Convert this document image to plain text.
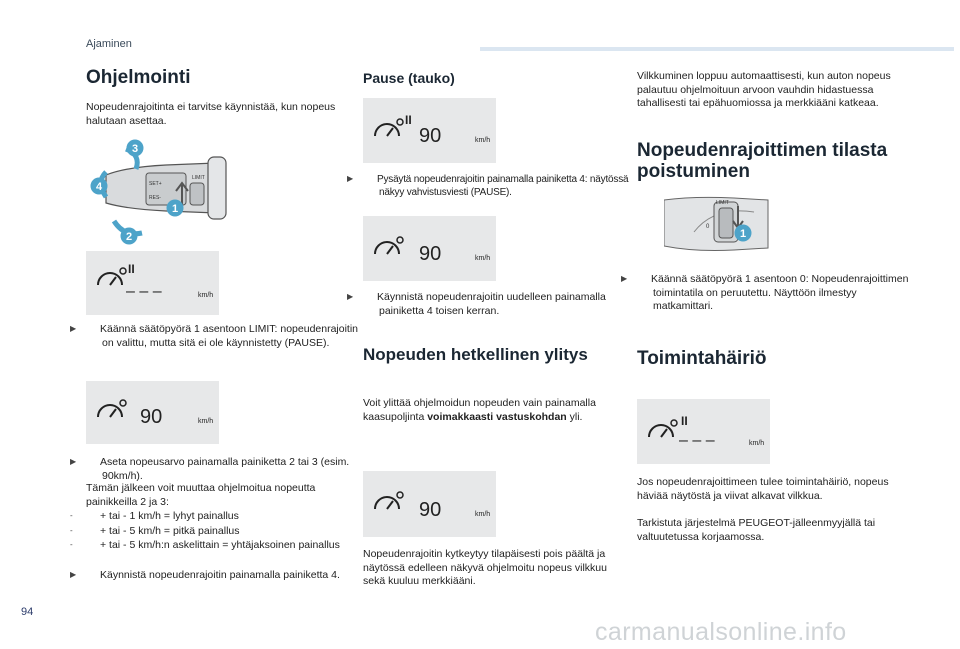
Ajaminen
Ohjelmointi

Nopeudenrajoitinta ei tarvitse käynnistää, kun nopeus halutaan asettaa.

SET+
RES-
LIMIT
3
4
1
2
II
– – –	km/h

▶ Käännä säätöpyörä 1 asentoon LIMIT: nopeudenrajoitin on valittu, mutta sitä ei ole käynnistetty (PAUSE).

90	km/h

▶ Aseta nopeusarvo painamalla painiketta 2 tai 3 (esim. 90km/h).

Tämän jälkeen voit muuttaa ohjelmoitua nopeutta painikkeilla 2 ja 3:

-	+ tai - 1 km/h = lyhyt painallus

-	+ tai - 5 km/h = pitkä painallus

-	+ tai - 5 km/h:n askelittain = yhtäjaksoinen painallus

▶ Käynnistä nopeudenrajoitin painamalla painiketta 4.

Pause (tauko)
II
90	km/h

▶ Pysäytä nopeudenrajoitin painamalla painiketta 4: näytössä näkyy vahvistusviesti (PAUSE).

90	km/h

▶ Käynnistä nopeudenrajoitin uudelleen painamalla painiketta 4 toisen kerran.

Nopeuden hetkellinen ylitys

Voit ylittää ohjelmoidun nopeuden vain painamalla kaasupoljinta voimakkaasti vastuskohdan yli.

90	km/h

Nopeudenrajoitin kytkeytyy tilapäisesti pois päältä ja näytössä edelleen näkyvä ohjelmoitu nopeus vilkkuu sekä kuuluu merkkiääni.

Vilkkuminen loppuu automaattisesti, kun auton nopeus palautuu ohjelmoituun arvoon vauhdin hidastuessa tahallisesti tai epähuomiossa ja merkkiääni katkeaa.

Nopeudenrajoittimen tilasta poistuminen
LIMIT
0
1

▶ Käännä säätöpyörä 1 asentoon 0: Nopeudenrajoittimen toimintatila on peruutettu. Näyttöön ilmestyy matkamittari.

Toimintahäiriö
II
– – –	km/h

Jos nopeudenrajoittimeen tulee toimintahäiriö, nopeus häviää näytöstä ja viivat alkavat vilkkua.

Tarkistuta järjestelmä PEUGEOT-jälleenmyyjällä tai valtuutetussa korjaamossa.

94
carmanualsonline.info
